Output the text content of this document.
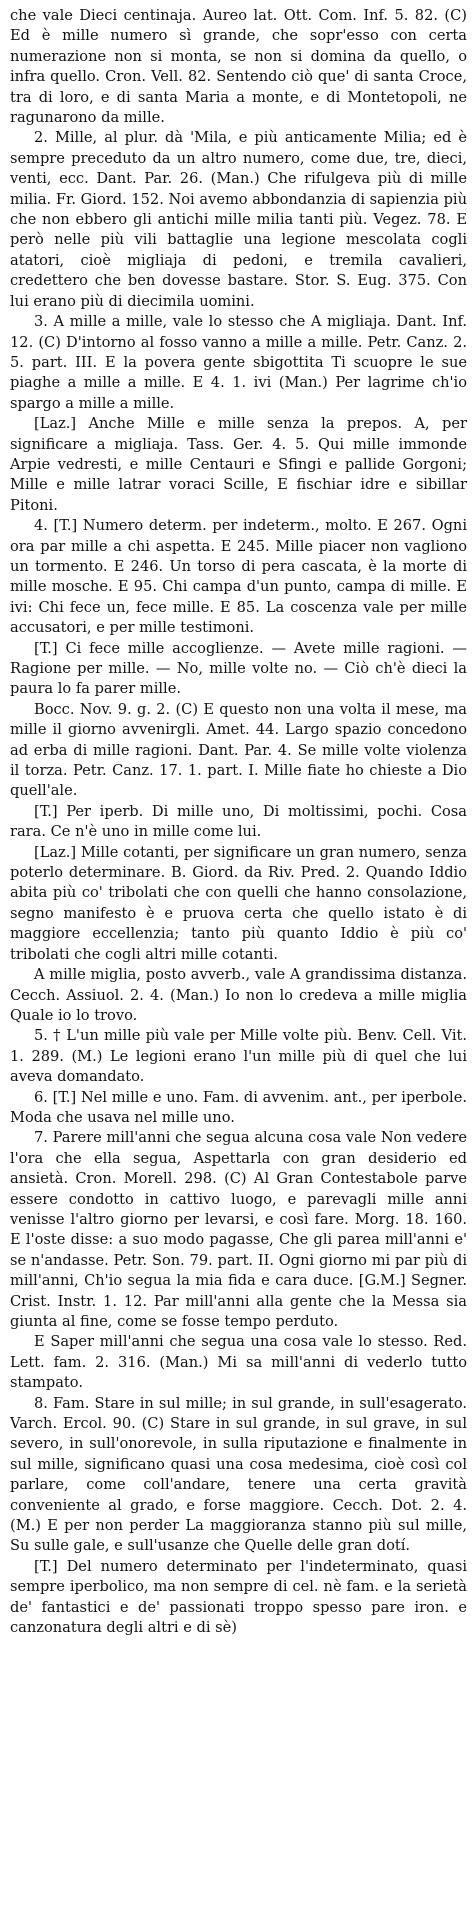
che vale Dieci centinaja. Aureo lat. Ott. Com. Inf. 5. 82. (C) Ed è mille numero sì grande, che sopr'esso con certa numerazione non si monta, se non si domina da quello, o infra quello. Cron. Vell. 82. Sentendo ciò que' di santa Croce, tra di loro, e di santa Maria a monte, e di Montetopoli, ne ragunarono da mille.

2. Mille, al plur. dà 'Mila, e più anticamente Milia; ed è sempre preceduto da un altro numero, come due, tre, dieci, venti, ecc. Dant. Par. 26. (Man.) Che rifulgeva più di mille milia. Fr. Giord. 152. Noi avemo abbondanzia di sapienzia più che non ebbero gli antichi mille milia tanti più. Vegez. 78. E però nelle più vili battaglie una legione mescolata cogli atatori, cioè migliaja di pedoni, e tremila cavalieri, credettero che ben dovesse bastare. Stor. S. Eug. 375. Con lui erano più di diecimila uomini.

3. A mille a mille, vale lo stesso che A migliaja. Dant. Inf. 12. (C) D'intorno al fosso vanno a mille a mille. Petr. Canz. 2. 5. part. III. E la povera gente sbigottita Ti scuopre le sue piaghe a mille a mille. E 4. 1. ivi (Man.) Per lagrime ch'io spargo a mille a mille.

[Laz.] Anche Mille e mille senza la prepos. A, per significare a migliaja. Tass. Ger. 4. 5. Qui mille immonde Arpie vedresti, e mille Centauri e Sfingi e pallide Gorgoni; Mille e mille latrar voraci Scille, E fischiar idre e sibillar Pitoni.

4. [T.] Numero determ. per indeterm., molto. E 267. Ogni ora par mille a chi aspetta. E 245. Mille piacer non vagliono un tormento. E 246. Un torso di pera cascata, è la morte di mille mosche. E 95. Chi campa d'un punto, campa di mille. E ivi: Chi fece un, fece mille. E 85. La coscenza vale per mille accusatori, e per mille testimoni.

[T.] Ci fece mille accoglienze. — Avete mille ragioni. — Ragione per mille. — No, mille volte no. — Ciò ch'è dieci la paura lo fa parer mille.

Bocc. Nov. 9. g. 2. (C) E questo non una volta il mese, ma mille il giorno avvenirgli. Amet. 44. Largo spazio concedono ad erba di mille ragioni. Dant. Par. 4. Se mille volte violenza il torza. Petr. Canz. 17. 1. part. I. Mille fiate ho chieste a Dio quell'ale.

[T.] Per iperb. Di mille uno, Di moltissimi, pochi. Cosa rara. Ce n'è uno in mille come lui.

[Laz.] Mille cotanti, per significare un gran numero, senza poterlo determinare. B. Giord. da Riv. Pred. 2. Quando Iddio abita più co' tribolati che con quelli che hanno consolazione, segno manifesto è e pruova certa che quello istato è di maggiore eccellenzia; tanto più quanto Iddio è più co' tribolati che cogli altri mille cotanti.

A mille miglia, posto avverb., vale A grandissima distanza. Cecch. Assiuol. 2. 4. (Man.) Io non lo credeva a mille miglia Quale io lo trovo.

5. † L'un mille più vale per Mille volte più. Benv. Cell. Vit. 1. 289. (M.) Le legioni erano l'un mille più di quel che lui aveva domandato.

6. [T.] Nel mille e uno. Fam. di avvenim. ant., per iperbole. Moda che usava nel mille uno.

7. Parere mill'anni che segua alcuna cosa vale Non vedere l'ora che ella segua, Aspettarla con gran desiderio ed ansietà. Cron. Morell. 298. (C) Al Gran Contestabole parve essere condotto in cattivo luogo, e parevagli mille anni venisse l'altro giorno per levarsi, e così fare. Morg. 18. 160. E l'oste disse: a suo modo pagasse, Che gli parea mill'anni e' se n'andasse. Petr. Son. 79. part. II. Ogni giorno mi par più di mill'anni, Ch'io segua la mia fida e cara duce. [G.M.] Segner. Crist. Instr. 1. 12. Par mill'anni alla gente che la Messa sia giunta al fine, come se fosse tempo perduto.

E Saper mill'anni che segua una cosa vale lo stesso. Red. Lett. fam. 2. 316. (Man.) Mi sa mill'anni di vederlo tutto stampato.

8. Fam. Stare in sul mille; in sul grande, in sull'esagerato. Varch. Ercol. 90. (C) Stare in sul grande, in sul grave, in sul severo, in sull'onorevole, in sulla riputazione e finalmente in sul mille, significano quasi una cosa medesima, cioè così col parlare, come coll'andare, tenere una certa gravità conveniente al grado, e forse maggiore. Cecch. Dot. 2. 4. (M.) E per non perder La maggioranza stanno più sul mille, Su sulle gale, e sull'usanze che Quelle delle gran dotí.

[T.] Del numero determinato per l'indeterminato, quasi sempre iperbolico, ma non sempre di cel. nè fam. e la serietà de' fantastici e de' passionati troppo spesso pare iron. e canzonatura degli altri e di sè)
